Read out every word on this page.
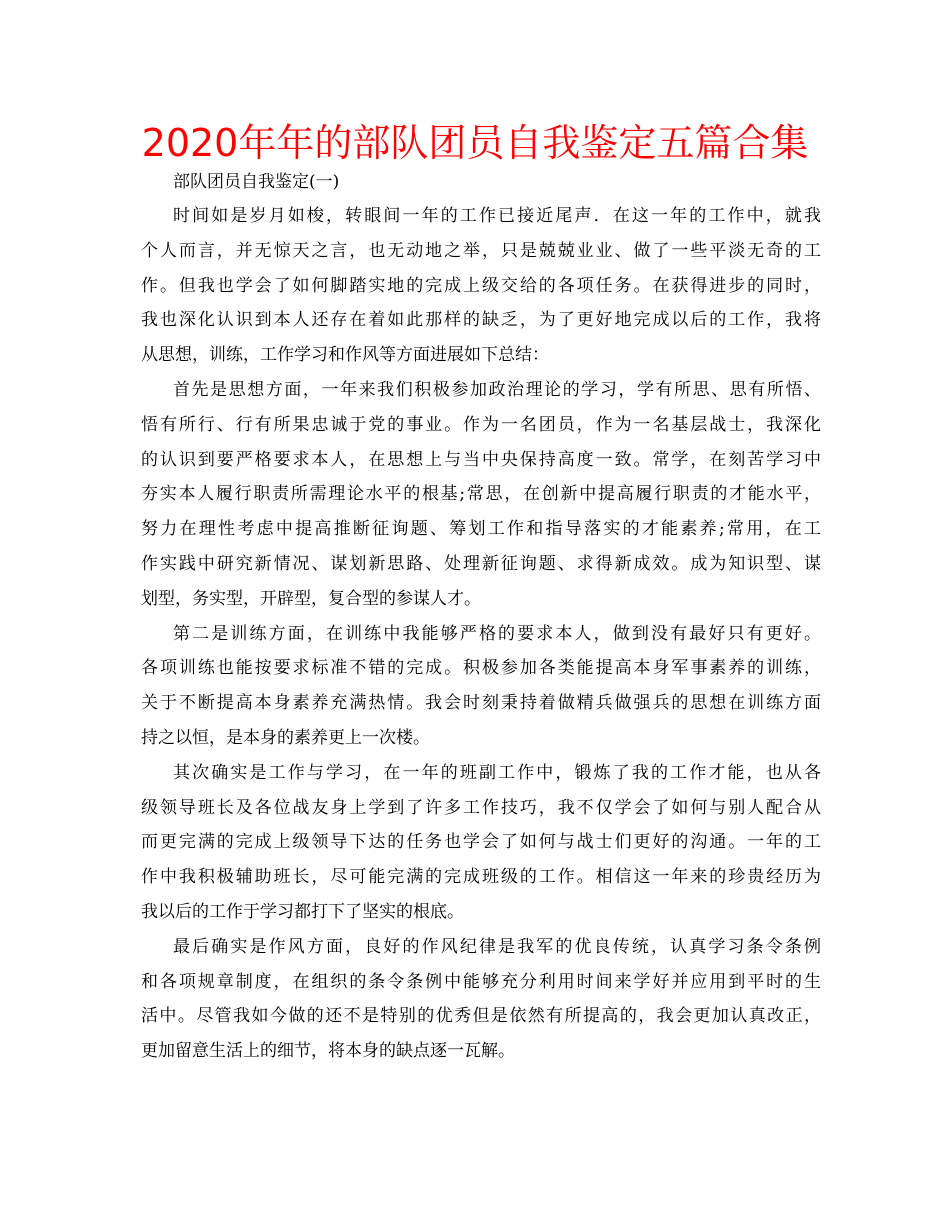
2020年年的部队团员自我鉴定五篇合集

部队团员自我鉴定(一)

时间如是岁月如梭，转眼间一年的工作已接近尾声．在这一年的工作中，就我
个人而言，并无惊天之言，也无动地之举，只是兢兢业业、做了一些平淡无奇的工
作。但我也学会了如何脚踏实地的完成上级交给的各项任务。在获得进步的同时，
我也深化认识到本人还存在着如此那样的缺乏，为了更好地完成以后的工作，我将
从思想，训练，工作学习和作风等方面进展如下总结：
首先是思想方面，一年来我们积极参加政治理论的学习，学有所思、思有所悟、
悟有所行、行有所果忠诚于党的事业。作为一名团员，作为一名基层战士，我深化
的认识到要严格要求本人，在思想上与当中央保持高度一致。常学，在刻苦学习中
夯实本人履行职责所需理论水平的根基;常思，在创新中提高履行职责的才能水平，
努力在理性考虑中提高推断征询题、筹划工作和指导落实的才能素养;常用，在工
作实践中研究新情况、谋划新思路、处理新征询题、求得新成效。成为知识型、谋
划型，务实型，开辟型，复合型的参谋人才。
第二是训练方面，在训练中我能够严格的要求本人，做到没有最好只有更好。
各项训练也能按要求标准不错的完成。积极参加各类能提高本身军事素养的训练，
关于不断提高本身素养充满热情。我会时刻秉持着做精兵做强兵的思想在训练方面
持之以恒，是本身的素养更上一次楼。
其次确实是工作与学习，在一年的班副工作中，锻炼了我的工作才能，也从各
级领导班长及各位战友身上学到了许多工作技巧，我不仅学会了如何与别人配合从
而更完满的完成上级领导下达的任务也学会了如何与战士们更好的沟通。一年的工
作中我积极辅助班长，尽可能完满的完成班级的工作。相信这一年来的珍贵经历为
我以后的工作于学习都打下了坚实的根底。
最后确实是作风方面，良好的作风纪律是我军的优良传统，认真学习条令条例
和各项规章制度，在组织的条令条例中能够充分利用时间来学好并应用到平时的生
活中。尽管我如今做的还不是特别的优秀但是依然有所提高的，我会更加认真改正，
更加留意生活上的细节，将本身的缺点逐一瓦解。
